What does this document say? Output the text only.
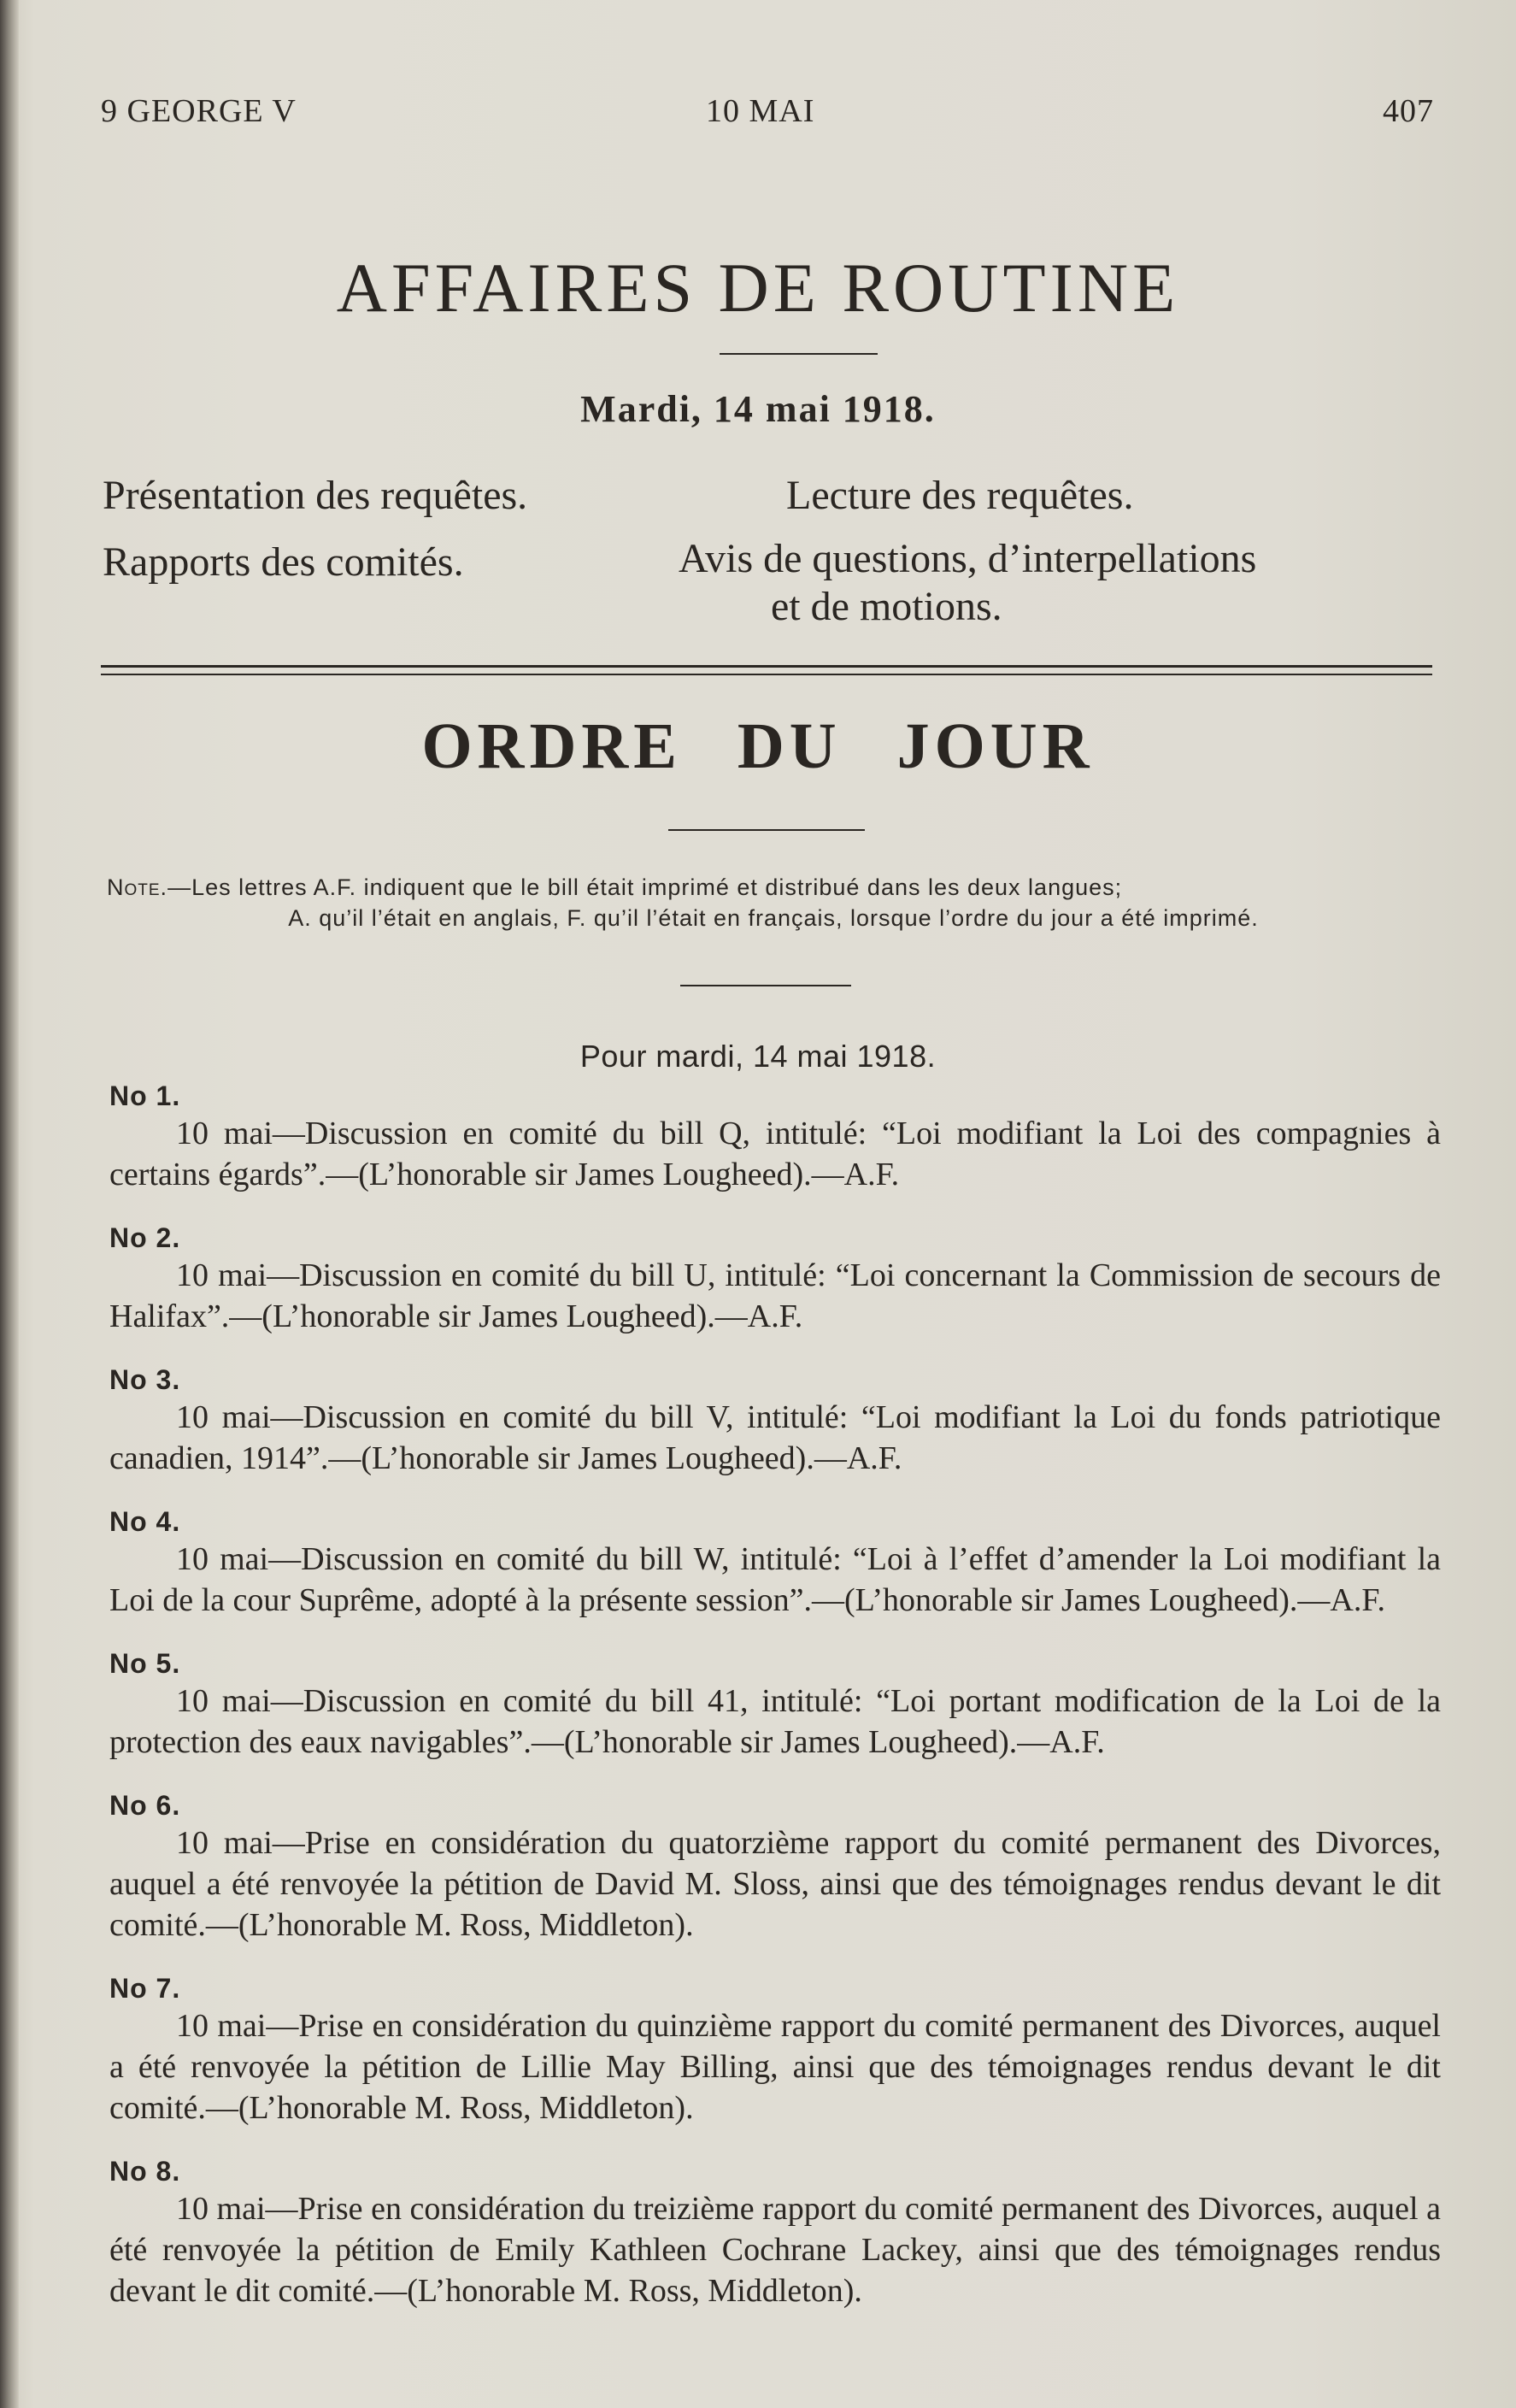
9 GEORGE V	10 MAI	407
AFFAIRES DE ROUTINE
Mardi, 14 mai 1918.
Présentation des requêtes.	Lecture des requêtes.
Rapports des comités.	Avis de questions, d’interpellations
et de motions.
ORDRE DU JOUR
Note.—Les lettres A.F. indiquent que le bill était imprimé et distribué dans les deux langues;
A. qu’il l’était en anglais, F. qu’il l’était en français, lorsque l’ordre du jour a été imprimé.
Pour mardi, 14 mai 1918.
No 1.

10 mai—Discussion en comité du bill Q, intitulé: “Loi modifiant la Loi des compagnies à certains égards”.—(L’honorable sir James Lougheed).—A.F.

No 2.

10 mai—Discussion en comité du bill U, intitulé: “Loi concernant la Commission de secours de Halifax”.—(L’honorable sir James Lougheed).—A.F.

No 3.

10 mai—Discussion en comité du bill V, intitulé: “Loi modifiant la Loi du fonds patriotique canadien, 1914”.—(L’honorable sir James Lougheed).—A.F.

No 4.

10 mai—Discussion en comité du bill W, intitulé: “Loi à l’effet d’amender la Loi modifiant la Loi de la cour Suprême, adopté à la présente session”.—(L’honorable sir James Lougheed).—A.F.

No 5.

10 mai—Discussion en comité du bill 41, intitulé: “Loi portant modification de la Loi de la protection des eaux navigables”.—(L’honorable sir James Lougheed).—A.F.

No 6.

10 mai—Prise en considération du quatorzième rapport du comité permanent des Divorces, auquel a été renvoyée la pétition de David M. Sloss, ainsi que des témoignages rendus devant le dit comité.—(L’honorable M. Ross, Middleton).

No 7.

10 mai—Prise en considération du quinzième rapport du comité permanent des Divorces, auquel a été renvoyée la pétition de Lillie May Billing, ainsi que des témoignages rendus devant le dit comité.—(L’honorable M. Ross, Middleton).

No 8.

10 mai—Prise en considération du treizième rapport du comité permanent des Divorces, auquel a été renvoyée la pétition de Emily Kathleen Cochrane Lackey, ainsi que des témoignages rendus devant le dit comité.—(L’honorable M. Ross, Middleton).
